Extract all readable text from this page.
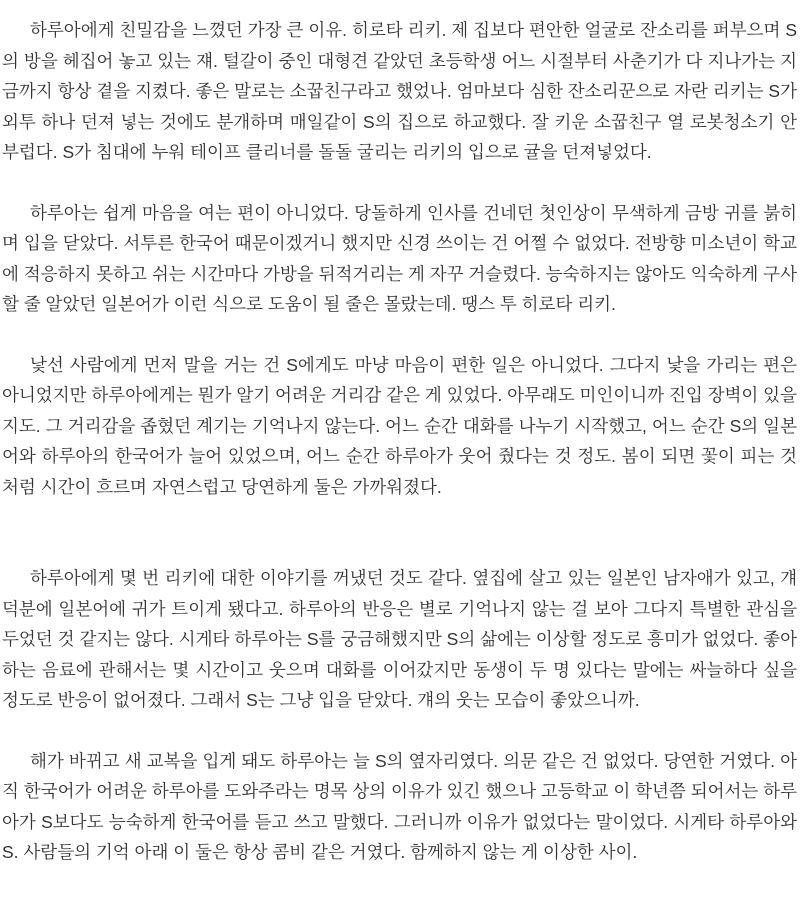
하루아에게 친밀감을 느꼈던 가장 큰 이유. 히로타 리키. 제 집보다 편안한 얼굴로 잔소리를 퍼부으며 S의 방을 헤집어 놓고 있는 쟤. 털갈이 중인 대형견 같았던 초등학생 어느 시절부터 사춘기가 다 지나가는 지금까지 항상 곁을 지켰다. 좋은 말로는 소꿉친구라고 했었나. 엄마보다 심한 잔소리꾼으로 자란 리키는 S가 외투 하나 던져 넣는 것에도 분개하며 매일같이 S의 집으로 하교했다. 잘 키운 소꿉친구 열 로봇청소기 안 부럽다. S가 침대에 누워 테이프 클리너를 돌돌 굴리는 리키의 입으로 귤을 던져넣었다.

하루아는 쉽게 마음을 여는 편이 아니었다. 당돌하게 인사를 건네던 첫인상이 무색하게 금방 귀를 붉히며 입을 닫았다. 서투른 한국어 때문이겠거니 했지만 신경 쓰이는 건 어쩔 수 없었다. 전방향 미소년이 학교에 적응하지 못하고 쉬는 시간마다 가방을 뒤적거리는 게 자꾸 거슬렸다. 능숙하지는 않아도 익숙하게 구사할 줄 알았던 일본어가 이런 식으로 도움이 될 줄은 몰랐는데. 땡스 투 히로타 리키.

낯선 사람에게 먼저 말을 거는 건 S에게도 마냥 마음이 편한 일은 아니었다. 그다지 낯을 가리는 편은 아니었지만 하루아에게는 뭔가 알기 어려운 거리감 같은 게 있었다. 아무래도 미인이니까 진입 장벽이 있을지도. 그 거리감을 좁혔던 계기는 기억나지 않는다. 어느 순간 대화를 나누기 시작했고, 어느 순간 S의 일본어와 하루아의 한국어가 늘어 있었으며, 어느 순간 하루아가 웃어 줬다는 것 정도. 봄이 되면 꽃이 피는 것처럼 시간이 흐르며 자연스럽고 당연하게 둘은 가까워졌다.

하루아에게 몇 번 리키에 대한 이야기를 꺼냈던 것도 같다. 옆집에 살고 있는 일본인 남자애가 있고, 걔 덕분에 일본어에 귀가 트이게 됐다고. 하루아의 반응은 별로 기억나지 않는 걸 보아 그다지 특별한 관심을 두었던 것 같지는 않다. 시게타 하루아는 S를 궁금해했지만 S의 삶에는 이상할 정도로 흥미가 없었다. 좋아하는 음료에 관해서는 몇 시간이고 웃으며 대화를 이어갔지만 동생이 두 명 있다는 말에는 싸늘하다 싶을 정도로 반응이 없어졌다. 그래서 S는 그냥 입을 닫았다. 걔의 웃는 모습이 좋았으니까.

해가 바뀌고 새 교복을 입게 돼도 하루아는 늘 S의 옆자리였다. 의문 같은 건 없었다. 당연한 거였다. 아직 한국어가 어려운 하루아를 도와주라는 명목 상의 이유가 있긴 했으나 고등학교 이 학년쯤 되어서는 하루아가 S보다도 능숙하게 한국어를 듣고 쓰고 말했다. 그러니까 이유가 없었다는 말이었다. 시게타 하루아와 S. 사람들의 기억 아래 이 둘은 항상 콤비 같은 거였다. 함께하지 않는 게 이상한 사이.
